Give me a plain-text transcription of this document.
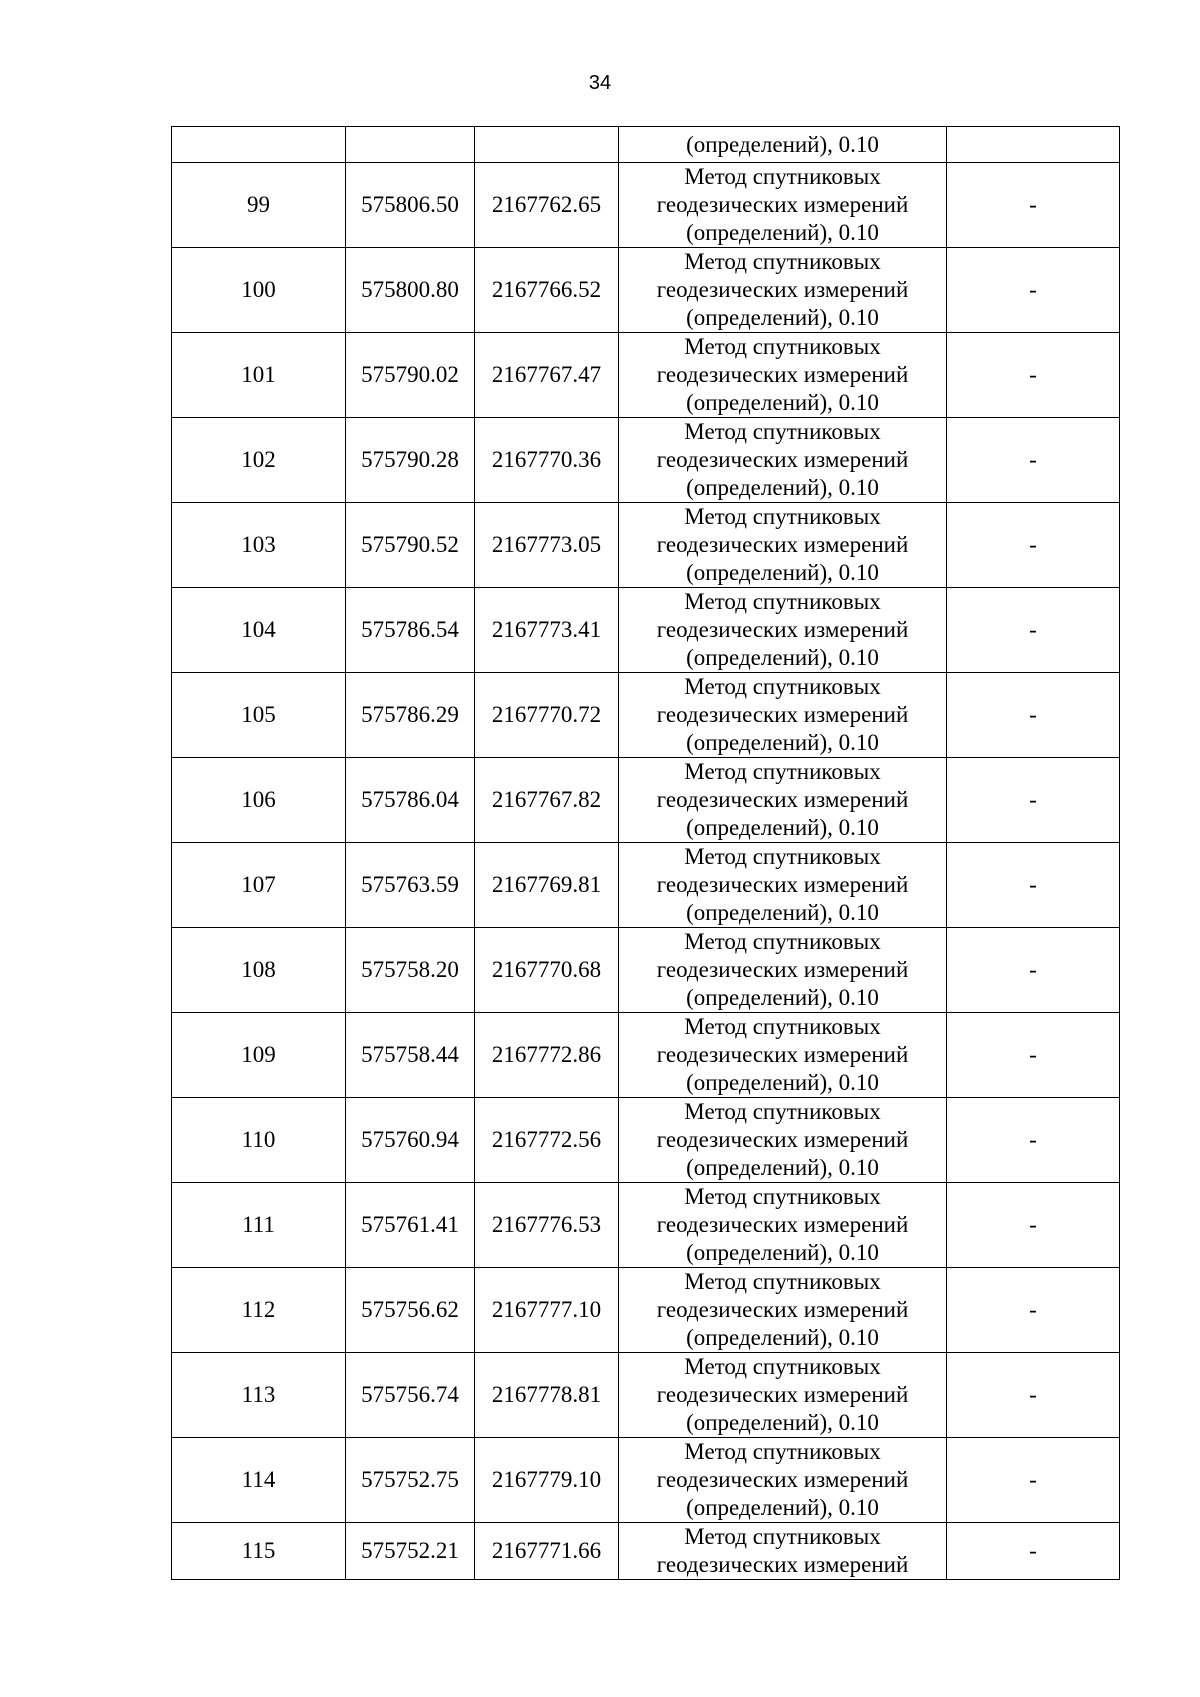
34
			(определений), 0.10	
99	575806.50	2167762.65	Метод спутниковых
геодезических измерений
(определений), 0.10	-
100	575800.80	2167766.52	Метод спутниковых
геодезических измерений
(определений), 0.10	-
101	575790.02	2167767.47	Метод спутниковых
геодезических измерений
(определений), 0.10	-
102	575790.28	2167770.36	Метод спутниковых
геодезических измерений
(определений), 0.10	-
103	575790.52	2167773.05	Метод спутниковых
геодезических измерений
(определений), 0.10	-
104	575786.54	2167773.41	Метод спутниковых
геодезических измерений
(определений), 0.10	-
105	575786.29	2167770.72	Метод спутниковых
геодезических измерений
(определений), 0.10	-
106	575786.04	2167767.82	Метод спутниковых
геодезических измерений
(определений), 0.10	-
107	575763.59	2167769.81	Метод спутниковых
геодезических измерений
(определений), 0.10	-
108	575758.20	2167770.68	Метод спутниковых
геодезических измерений
(определений), 0.10	-
109	575758.44	2167772.86	Метод спутниковых
геодезических измерений
(определений), 0.10	-
110	575760.94	2167772.56	Метод спутниковых
геодезических измерений
(определений), 0.10	-
111	575761.41	2167776.53	Метод спутниковых
геодезических измерений
(определений), 0.10	-
112	575756.62	2167777.10	Метод спутниковых
геодезических измерений
(определений), 0.10	-
113	575756.74	2167778.81	Метод спутниковых
геодезических измерений
(определений), 0.10	-
114	575752.75	2167779.10	Метод спутниковых
геодезических измерений
(определений), 0.10	-
115	575752.21	2167771.66	Метод спутниковых
геодезических измерений	-
